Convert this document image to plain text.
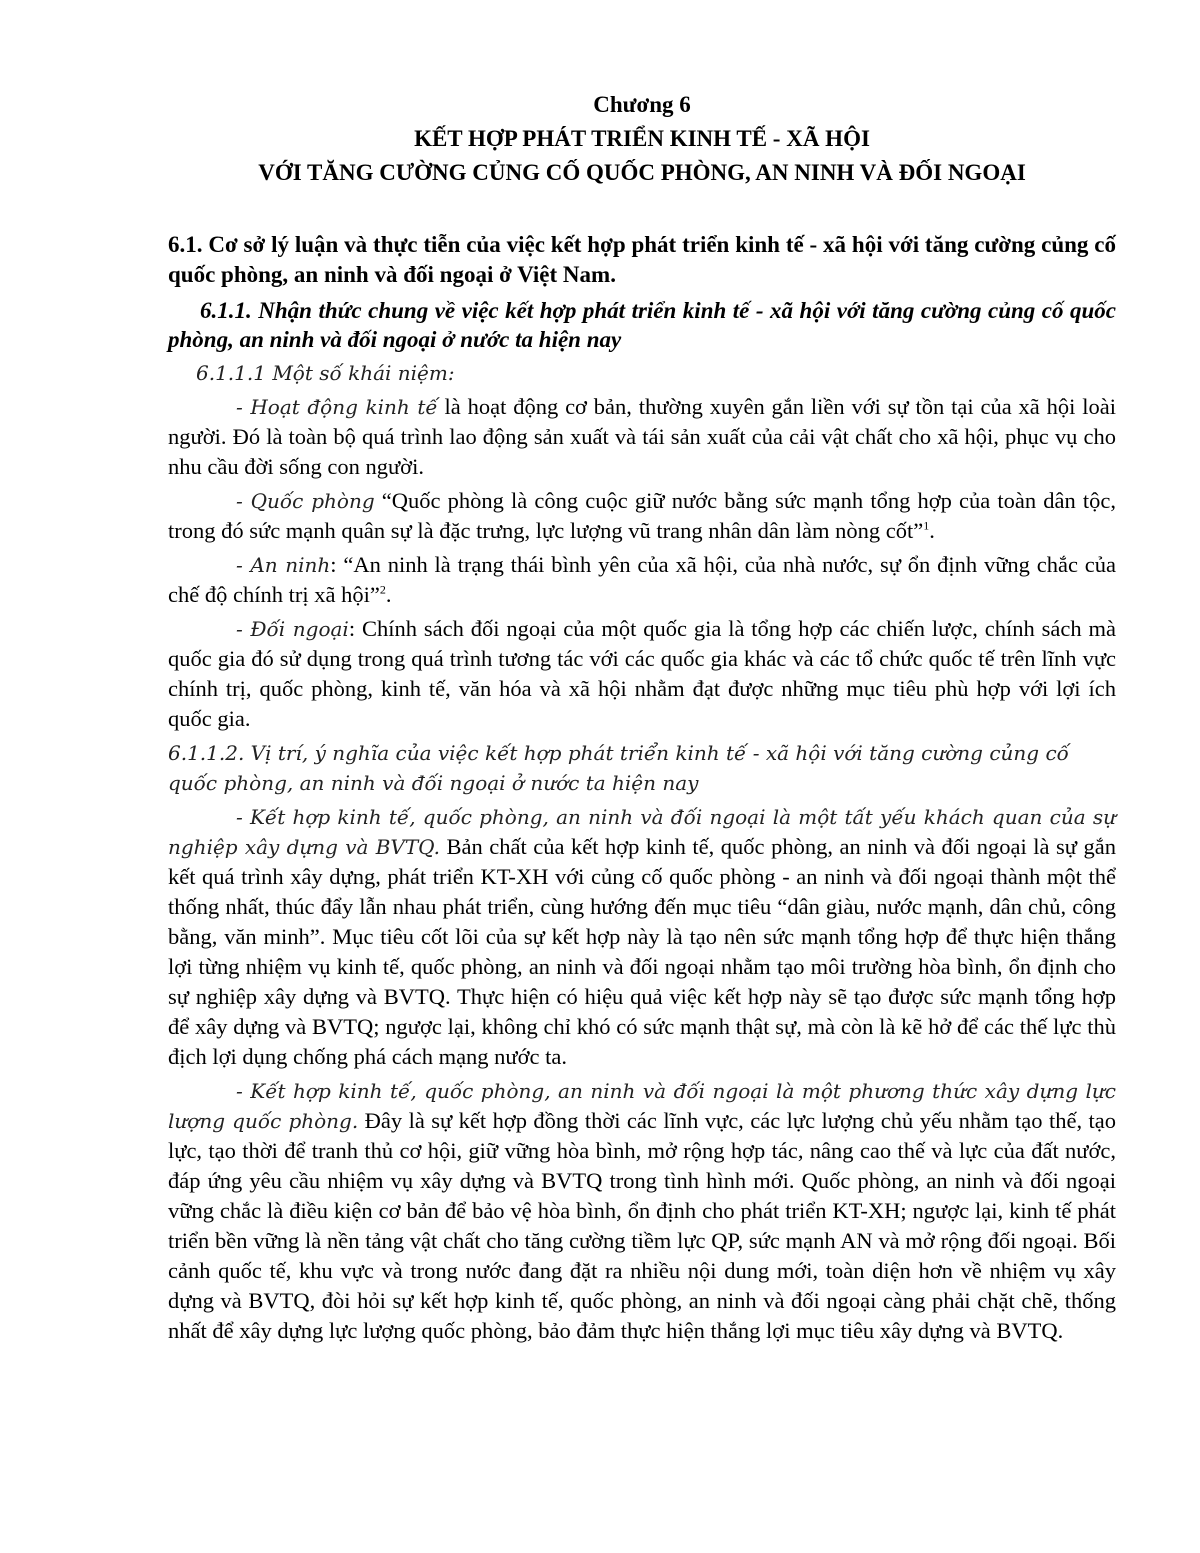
Chương 6

KẾT HỢP PHÁT TRIỂN KINH TẾ - XÃ HỘI

VỚI TĂNG CƯỜNG CỦNG CỐ QUỐC PHÒNG, AN NINH VÀ ĐỐI NGOẠI

6.1. Cơ sở lý luận và thực tiễn của việc kết hợp phát triển kinh tế - xã hội với tăng cường củng cố quốc phòng, an ninh và đối ngoại ở Việt Nam.

6.1.1. Nhận thức chung về việc kết hợp phát triển kinh tế - xã hội với tăng cường củng cố quốc phòng, an ninh và đối ngoại ở nước ta hiện nay

6.1.1.1 Một số khái niệm:

- Hoạt động kinh tế là hoạt động cơ bản, thường xuyên gắn liền với sự tồn tại của xã hội loài người. Đó là toàn bộ quá trình lao động sản xuất và tái sản xuất của cải vật chất cho xã hội, phục vụ cho nhu cầu đời sống con người.

- Quốc phòng “Quốc phòng là công cuộc giữ nước bằng sức mạnh tổng hợp của toàn dân tộc, trong đó sức mạnh quân sự là đặc trưng, lực lượng vũ trang nhân dân làm nòng cốt”$^1$.

- An ninh: “An ninh là trạng thái bình yên của xã hội, của nhà nước, sự ổn định vững chắc của chế độ chính trị xã hội”$^2$.

- Đối ngoại: Chính sách đối ngoại của một quốc gia là tổng hợp các chiến lược, chính sách mà quốc gia đó sử dụng trong quá trình tương tác với các quốc gia khác và các tổ chức quốc tế trên lĩnh vực chính trị, quốc phòng, kinh tế, văn hóa và xã hội nhằm đạt được những mục tiêu phù hợp với lợi ích quốc gia.

6.1.1.2. Vị trí, ý nghĩa của việc kết hợp phát triển kinh tế - xã hội với tăng cường củng cố quốc phòng, an ninh và đối ngoại ở nước ta hiện nay

- Kết hợp kinh tế, quốc phòng, an ninh và đối ngoại là một tất yếu khách quan của sự nghiệp xây dựng và BVTQ. Bản chất của kết hợp kinh tế, quốc phòng, an ninh và đối ngoại là sự gắn kết quá trình xây dựng, phát triển KT-XH với củng cố quốc phòng - an ninh và đối ngoại thành một thể thống nhất, thúc đẩy lẫn nhau phát triển, cùng hướng đến mục tiêu “dân giàu, nước mạnh, dân chủ, công bằng, văn minh”. Mục tiêu cốt lõi của sự kết hợp này là tạo nên sức mạnh tổng hợp để thực hiện thắng lợi từng nhiệm vụ kinh tế, quốc phòng, an ninh và đối ngoại nhằm tạo môi trường hòa bình, ổn định cho sự nghiệp xây dựng và BVTQ. Thực hiện có hiệu quả việc kết hợp này sẽ tạo được sức mạnh tổng hợp để xây dựng và BVTQ; ngược lại, không chỉ khó có sức mạnh thật sự, mà còn là kẽ hở để các thế lực thù địch lợi dụng chống phá cách mạng nước ta.

- Kết hợp kinh tế, quốc phòng, an ninh và đối ngoại là một phương thức xây dựng lực lượng quốc phòng. Đây là sự kết hợp đồng thời các lĩnh vực, các lực lượng chủ yếu nhằm tạo thế, tạo lực, tạo thời để tranh thủ cơ hội, giữ vững hòa bình, mở rộng hợp tác, nâng cao thế và lực của đất nước, đáp ứng yêu cầu nhiệm vụ xây dựng và BVTQ trong tình hình mới. Quốc phòng, an ninh và đối ngoại vững chắc là điều kiện cơ bản để bảo vệ hòa bình, ổn định cho phát triển KT-XH; ngược lại, kinh tế phát triển bền vững là nền tảng vật chất cho tăng cường tiềm lực QP, sức mạnh AN và mở rộng đối ngoại. Bối cảnh quốc tế, khu vực và trong nước đang đặt ra nhiều nội dung mới, toàn diện hơn về nhiệm vụ xây dựng và BVTQ, đòi hỏi sự kết hợp kinh tế, quốc phòng, an ninh và đối ngoại càng phải chặt chẽ, thống nhất để xây dựng lực lượng quốc phòng, bảo đảm thực hiện thắng lợi mục tiêu xây dựng và BVTQ.
